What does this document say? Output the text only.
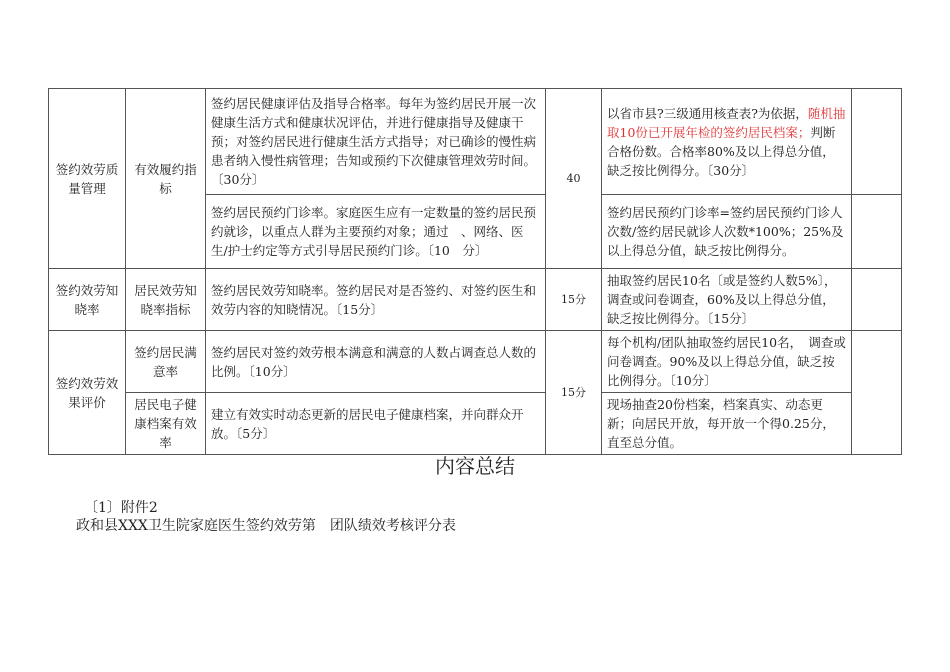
签约效劳质量管理	有效履约指标	签约居民健康评估及指导合格率。每年为签约居民开展一次健康生活方式和健康状况评估，并进行健康指导及健康干预；对签约居民进行健康生活方式指导；对已确诊的慢性病患者纳入慢性病管理；告知或预约下次健康管理效劳时间。〔30分〕	40	以省市县?三级通用核查表?为依据，随机抽取10份已开展年检的签约居民档案；判断合格份数。合格率80%及以上得总分值，缺乏按比例得分。〔30分〕	
		签约居民预约门诊率。家庭医生应有一定数量的签约居民预约就诊，以重点人群为主要预约对象；通过　、网络、医生/护士约定等方式引导居民预约门诊。〔10　分〕		签约居民预约门诊率=签约居民预约门诊人次数/签约居民就诊人次数*100%；25%及以上得总分值，缺乏按比例得分。	
签约效劳知晓率	居民效劳知晓率指标	签约居民效劳知晓率。签约居民对是否签约、对签约医生和效劳内容的知晓情况。〔15分〕	15分	抽取签约居民10名〔或是签约人数5%〕，　调查或问卷调查，60%及以上得总分值，缺乏按比例得分。〔15分〕	
签约效劳效果评价	签约居民满意率	签约居民对签约效劳根本满意和满意的人数占调查总人数的比例。〔10分〕	15分	每个机构/团队抽取签约居民10名，　调查或问卷调查。90%及以上得总分值，缺乏按比例得分。〔10分〕	
	居民电子健康档案有效率	建立有效实时动态更新的居民电子健康档案，并向群众开放。〔5分〕		现场抽查20份档案，档案真实、动态更新；向居民开放，每开放一个得0.25分，直至总分值。	
内容总结
〔1〕附件2
政和县XXX卫生院家庭医生签约效劳第　团队绩效考核评分表
